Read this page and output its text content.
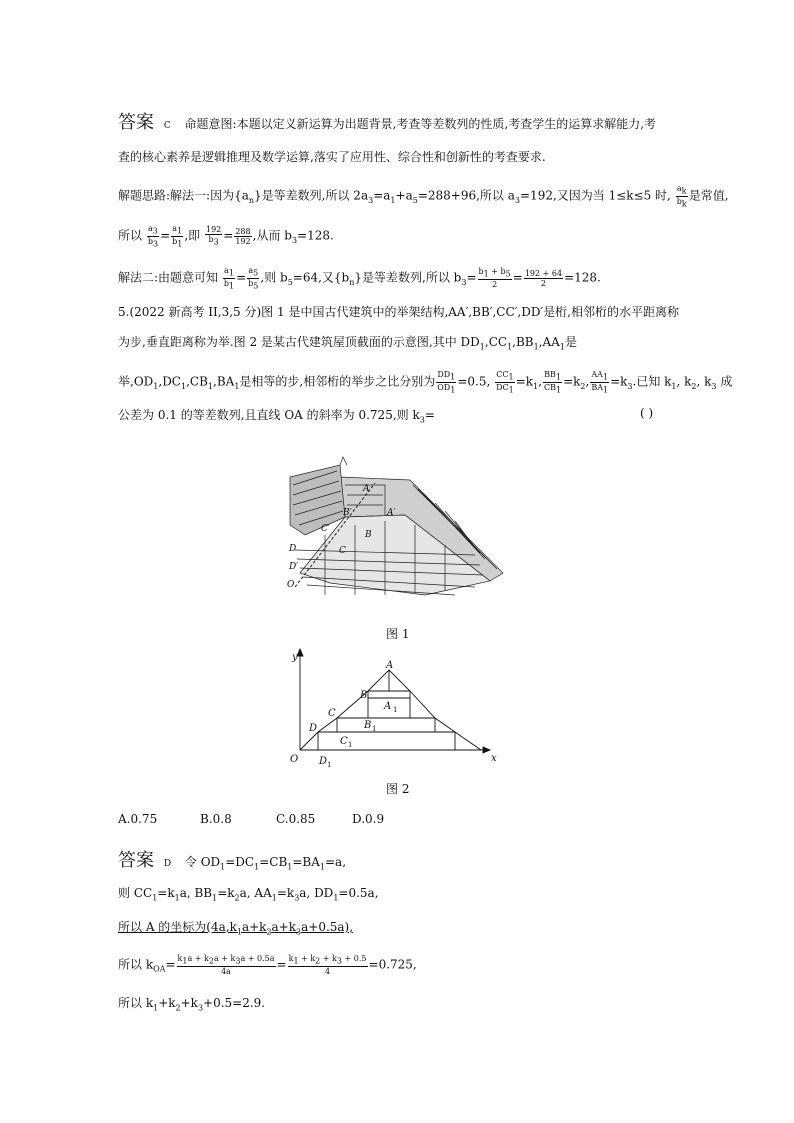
答案 C 命题意图:本题以定义新运算为出题背景,考查等差数列的性质,考查学生的运算求解能力,考
查的核心素养是逻辑推理及数学运算,落实了应用性、综合性和创新性的考查要求.
解题思路:解法一:因为$\{a_n\}$是等差数列,所以 $2a_3=a_1+a_5=288+96$,所以 $a_3=192$,又因为当 1≤k≤5 时, $\frac{a_k}{b_k}$ 是常值,
所以 $\frac{a_3}{b_3} = \frac{a_1}{b_1}$ ,即 $\frac{192}{b_3} = \frac{288}{192}$ ,从而 $b_3=128$.
解法二:由题意可知 $\frac{a_1}{b_1} = \frac{a_5}{b_5}$ ,则 $b_5=64$,又$\{b_n\}$是等差数列,所以 $b_3= \frac{b_1 + b_5}{2} = \frac{192 + 64}{2} =128$.
5.(2022 新高考 II,3,5 分)图 1 是中国古代建筑中的举架结构,AA′,BB′,CC′,DD′是桁,相邻桁的水平距离称
为步,垂直距离称为举.图 2 是某古代建筑屋顶截面的示意图,其中 $DD_1,CC_1,BB_1,AA_1$是
举$,OD_1,DC_1,CB_1,BA_1$是相等的步,相邻桁的举步之比分别为 $\frac{DD_1}{OD_1} =0.5$, $\frac{CC_1}{DC_1} =k_1$, $\frac{BB_1}{CB_1} =k_2$, $\frac{AA_1}{BA_1} =k_3$.已知 $k_1$, $k_2$, $k_3$ 成
公差为 0.1 的等差数列,且直线 OA 的斜率为 0.725,则 $k_3=$	( )
A
B′	A′
C′
B
D	C
D′
O
图 1
y
x
O
A
B
C
D
A 1
B 1
C 1
D 1
图 2
A.0.75	B.0.8	C.0.85	D.0.9
答案 D 令 $OD_1=DC_1=CB_1=BA_1=a$,
则 $CC_1=k_1a$, $BB_1=k_2a$, $AA_1=k_3a$, $DD_1=0.5a$,
所以 A 的坐标为$(4a,k_1a+k_2a+k_3a+0.5a)$,
所以 $k_{OA}= \frac{k_1a + k_2a + k_3a + 0.5a}{4a} = \frac{k_1 + k_2 + k_3 + 0.5}{4} =0.725$,
所以 $k_1+k_2+k_3+0.5=2.9$.
